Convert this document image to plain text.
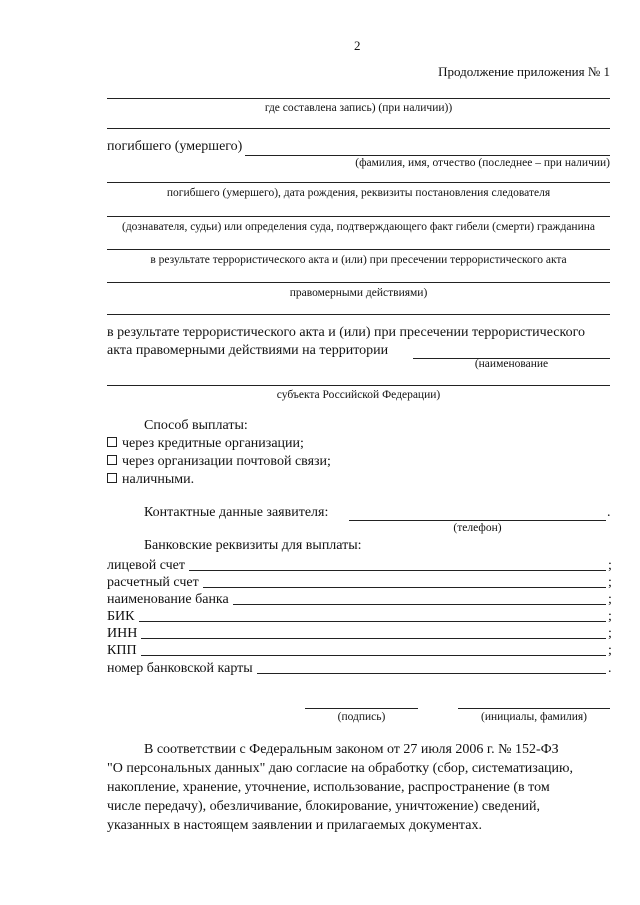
2
Продолжение приложения № 1
где составлена запись) (при наличии))
погибшего (умершего)
(фамилия, имя, отчество (последнее – при наличии)
погибшего (умершего), дата рождения, реквизиты постановления следователя
(дознавателя, судьи) или определения суда, подтверждающего факт гибели (смерти) гражданина
в результате террористического акта и (или) при пресечении террористического акта
правомерными действиями)
в результате террористического акта и (или) при пресечении террористического
акта правомерными действиями на территории
(наименование
субъекта Российской Федерации)
Способ выплаты:
через кредитные организации;
через организации почтовой связи;
наличными.
Контактные данные заявителя:	.
(телефон)
Банковские реквизиты для выплаты:
лицевой счет	;
расчетный счет	;
наименование банка	;
БИК	;
ИНН	;
КПП	;
номер банковской карты	.
(подпись)	(инициалы, фамилия)
В соответствии с Федеральным законом от 27 июля 2006 г. № 152-ФЗ
"О персональных данных" даю согласие на обработку (сбор, систематизацию,
накопление, хранение, уточнение, использование, распространение (в том
числе передачу), обезличивание, блокирование, уничтожение) сведений,
указанных в настоящем заявлении и прилагаемых документах.
